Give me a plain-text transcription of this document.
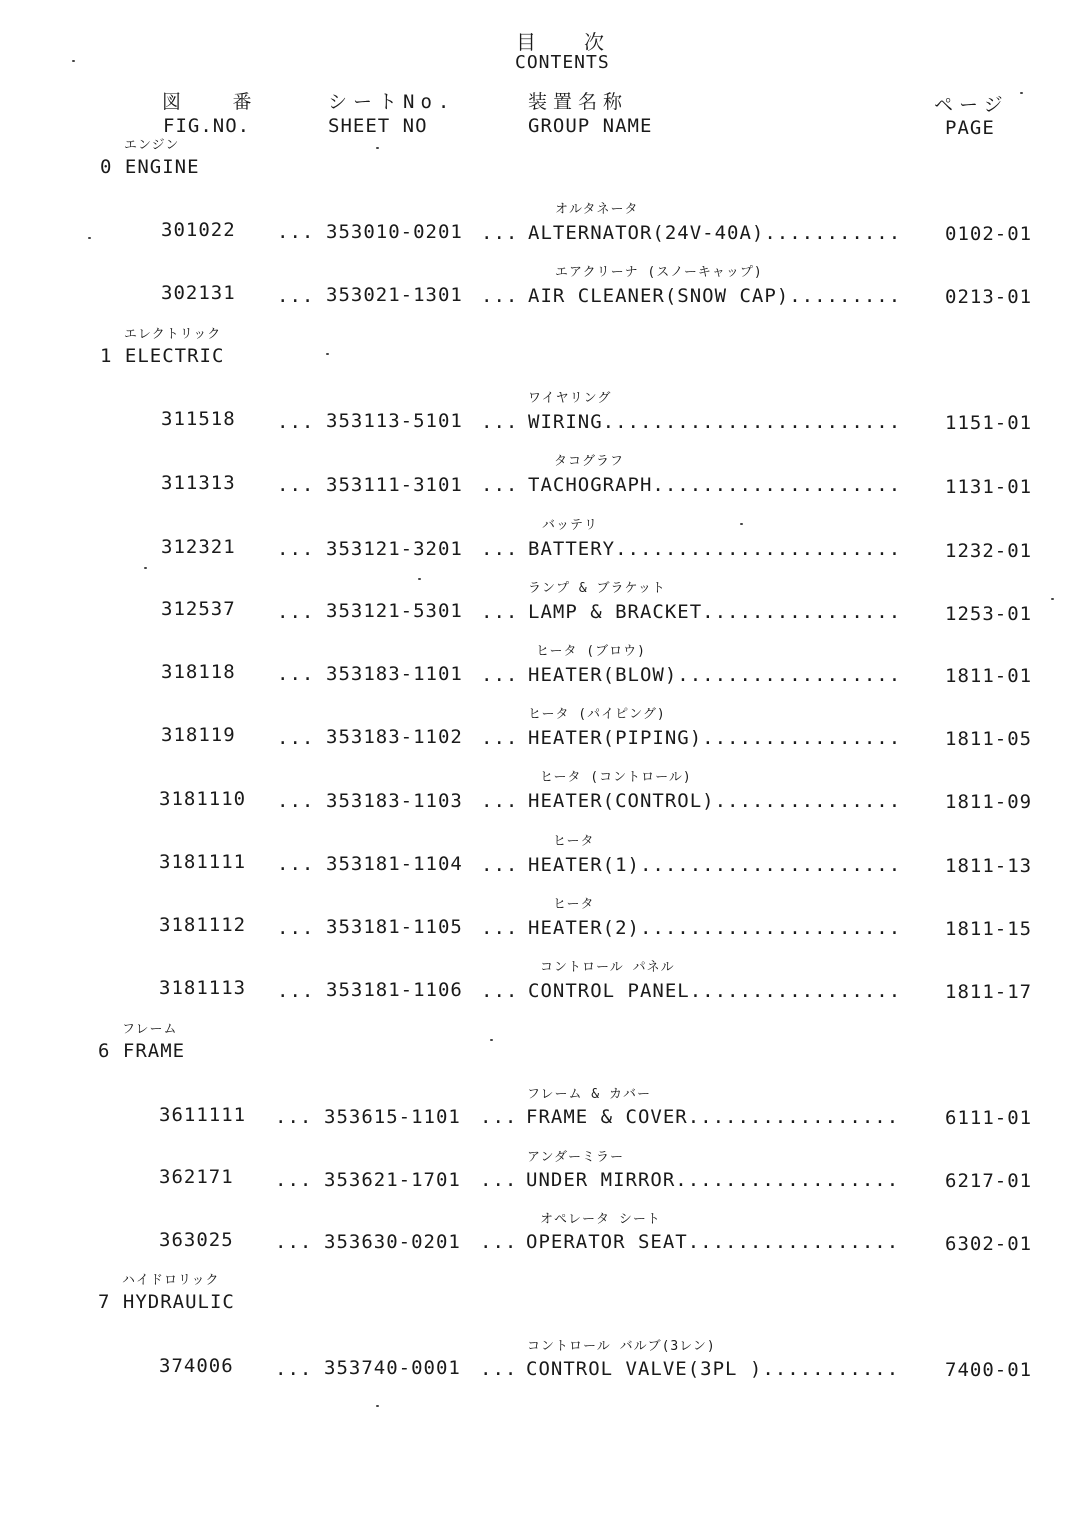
目 次
CONTENTS
図 番
FIG.NO.
シートNo.
SHEET NO
装置名称
GROUP NAME
ページ
PAGE
エンジン
0 ENGINE
オルタネータ
301022 ... 353010-0201 ... ALTERNATOR(24V-40A)........... 0102-01
エアクリーナ (スノーキャップ)
302131 ... 353021-1301 ... AIR CLEANER(SNOW CAP)......... 0213-01
エレクトリック
1 ELECTRIC
ワイヤリング
311518 ... 353113-5101 ... WIRING........................ 1151-01
タコグラフ
311313 ... 353111-3101 ... TACHOGRAPH.................... 1131-01
バッテリ
312321 ... 353121-3201 ... BATTERY....................... 1232-01
ランプ & ブラケット
312537 ... 353121-5301 ... LAMP & BRACKET................ 1253-01
ヒータ (ブロウ)
318118 ... 353183-1101 ... HEATER(BLOW).................. 1811-01
ヒータ (パイピング)
318119 ... 353183-1102 ... HEATER(PIPING)................ 1811-05
ヒータ (コントロール)
3181110 ... 353183-1103 ... HEATER(CONTROL)............... 1811-09
ヒータ
3181111 ... 353181-1104 ... HEATER(1)..................... 1811-13
ヒータ
3181112 ... 353181-1105 ... HEATER(2)..................... 1811-15
コントロール パネル
3181113 ... 353181-1106 ... CONTROL PANEL................. 1811-17
フレーム
6 FRAME
フレーム & カバー
3611111 ... 353615-1101 ... FRAME & COVER................. 6111-01
アンダーミラー
362171 ... 353621-1701 ... UNDER MIRROR.................. 6217-01
オペレータ シート
363025 ... 353630-0201 ... OPERATOR SEAT................. 6302-01
ハイドロリック
7 HYDRAULIC
コントロール バルブ(3レン)
374006 ... 353740-0001 ... CONTROL VALVE(3PL )........... 7400-01
